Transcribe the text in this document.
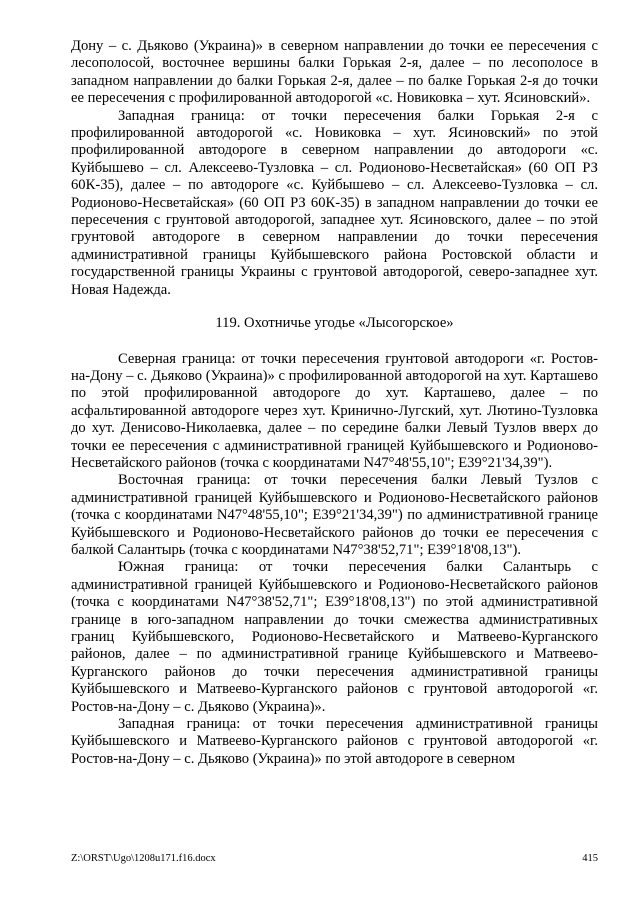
Дону – с. Дьяково (Украина)» в северном направлении до точки ее пересечения с лесополосой, восточнее вершины балки Горькая 2-я, далее – по лесополосе в западном направлении до балки Горькая 2-я, далее – по балке Горькая 2-я до точки ее пересечения с профилированной автодорогой «с. Новиковка – хут. Ясиновский».

Западная граница: от точки пересечения балки Горькая 2-я с профилированной автодорогой «с. Новиковка – хут. Ясиновский» по этой профилированной автодороге в северном направлении до автодороги «с. Куйбышево – сл. Алексеево-Тузловка – сл. Родионово-Несветайская» (60 ОП РЗ 60К-35), далее – по автодороге «с. Куйбышево – сл. Алексеево-Тузловка – сл. Родионово-Несветайская» (60 ОП РЗ 60К-35) в западном направлении до точки ее пересечения с грунтовой автодорогой, западнее хут. Ясиновского, далее – по этой грунтовой автодороге в северном направлении до точки пересечения административной границы Куйбышевского района Ростовской области и государственной границы Украины с грунтовой автодорогой, северо-западнее хут. Новая Надежда.

119. Охотничье угодье «Лысогорское»

Северная граница: от точки пересечения грунтовой автодороги «г. Ростов-на-Дону – с. Дьяково (Украина)» с профилированной автодорогой на хут. Карташево по этой профилированной автодороге до хут. Карташево, далее – по асфальтированной автодороге через хут. Кринично-Лугский, хут. Лютино-Тузловка до хут. Денисово-Николаевка, далее – по середине балки Левый Тузлов вверх до точки ее пересечения с административной границей Куйбышевского и Родионово-Несветайского районов (точка с координатами N47°48'55,10"; E39°21'34,39").

Восточная граница: от точки пересечения балки Левый Тузлов с административной границей Куйбышевского и Родионово-Несветайского районов (точка с координатами N47°48'55,10"; E39°21'34,39") по административной границе Куйбышевского и Родионово-Несветайского районов до точки ее пересечения с балкой Салантырь (точка с координатами N47°38'52,71"; E39°18'08,13").

Южная граница: от точки пересечения балки Салантырь с административной границей Куйбышевского и Родионово-Несветайского районов (точка с координатами N47°38'52,71"; E39°18'08,13") по этой административной границе в юго-западном направлении до точки смежества административных границ Куйбышевского, Родионово-Несветайского и Матвеево-Курганского районов, далее – по административной границе Куйбышевского и Матвеево-Курганского районов до точки пересечения административной границы Куйбышевского и Матвеево-Курганского районов с грунтовой автодорогой «г. Ростов-на-Дону – с. Дьяково (Украина)».

Западная граница: от точки пересечения административной границы Куйбышевского и Матвеево-Курганского районов с грунтовой автодорогой «г. Ростов-на-Дону – с. Дьяково (Украина)» по этой автодороге в северном

Z:\ORST\Ugo\1208u171.f16.docx	415
